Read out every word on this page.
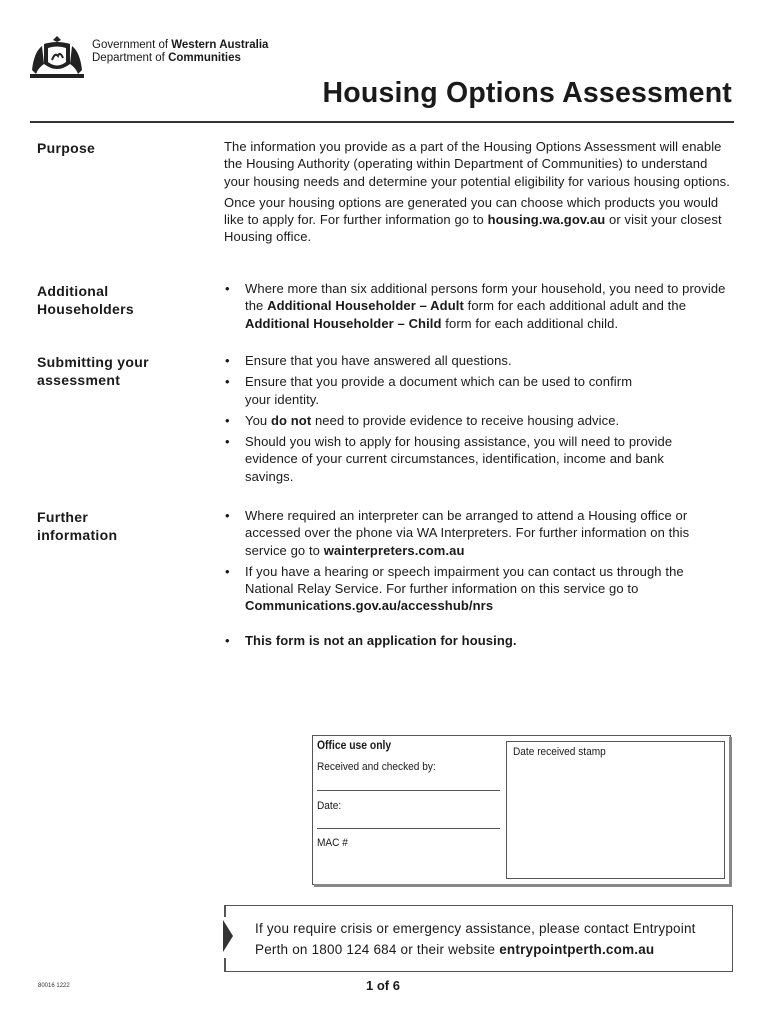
Government of Western Australia
Department of Communities
Housing Options Assessment
Purpose	The information you provide as a part of the Housing Options Assessment will enable the Housing Authority (operating within Department of Communities) to understand your housing needs and determine your potential eligibility for various housing options.

Once your housing options are generated you can choose which products you would like to apply for. For further information go to housing.wa.gov.au or visit your closest Housing office.

Additional
Householders
• Where more than six additional persons form your household, you need to provide the Additional Householder – Adult form for each additional adult and the Additional Householder – Child form for each additional child.
Submitting your
assessment
• Ensure that you have answered all questions.
• Ensure that you provide a document which can be used to confirm your identity.
• You do not need to provide evidence to receive housing advice.
• Should you wish to apply for housing assistance, you will need to provide evidence of your current circumstances, identification, income and bank savings.
Further
information
• Where required an interpreter can be arranged to attend a Housing office or accessed over the phone via WA Interpreters. For further information on this service go to wainterpreters.com.au
• If you have a hearing or speech impairment you can contact us through the National Relay Service. For further information on this service go to Communications.gov.au/accesshub/nrs
• This form is not an application for housing.
Office use only
Received and checked by:
Date:
MAC #
Date received stamp
If you require crisis or emergency assistance, please contact Entrypoint Perth on 1800 124 684 or their website entrypointperth.com.au
80016 1222	1 of 6
